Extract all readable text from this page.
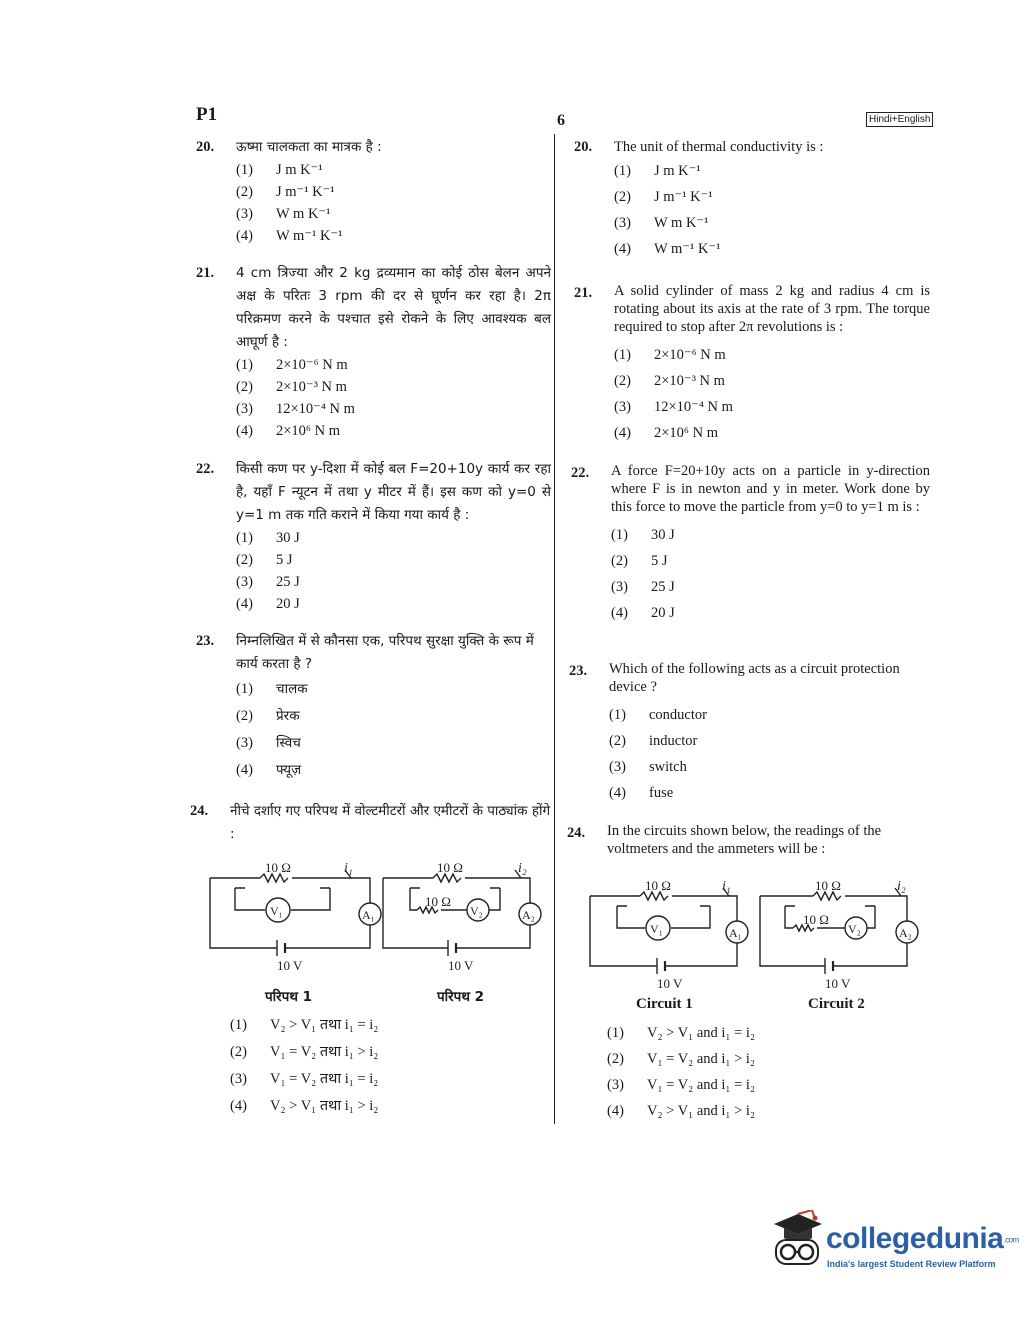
P1	6	Hindi+English
20. ऊष्मा चालकता का मात्रक है :
(1)	J m K⁻¹
(2)	J m⁻¹ K⁻¹
(3)	W m K⁻¹
(4)	W m⁻¹ K⁻¹
21. 4 cm त्रिज्या और 2 kg द्रव्यमान का कोई ठोस बेलन अपने अक्ष के परितः 3 rpm की दर से घूर्णन कर रहा है। 2π परिक्रमण करने के पश्चात इसे रोकने के लिए आवश्यक बल आघूर्ण है :
(1)	2×10⁻⁶ N m
(2)	2×10⁻³ N m
(3)	12×10⁻⁴ N m
(4)	2×10⁶ N m
22. किसी कण पर y-दिशा में कोई बल F=20+10y कार्य कर रहा है, यहाँ F न्यूटन में तथा y मीटर में हैं। इस कण को y=0 से y=1 m तक गति कराने में किया गया कार्य है :
(1)	30 J
(2)	5 J
(3)	25 J
(4)	20 J
23. निम्नलिखित में से कौनसा एक, परिपथ सुरक्षा युक्ति के रूप में कार्य करता है ?
(1)	चालक
(2)	प्रेरक
(3)	स्विच
(4)	फ्यूज़
24. नीचे दर्शाए गए परिपथ में वोल्टमीटरों और एमीटरों के पाठ्यांक होंगे :
10 Ω	i₁
V₁	A₁
10 V
10 Ω	i₂
10 Ω
V₂	A₂
10 V
परिपथ 1	परिपथ 2
(1)	V₂ > V₁ तथा i₁ = i₂
(2)	V₁ = V₂ तथा i₁ > i₂
(3)	V₁ = V₂ तथा i₁ = i₂
(4)	V₂ > V₁ तथा i₁ > i₂
20. The unit of thermal conductivity is :
(1)	J m K⁻¹
(2)	J m⁻¹ K⁻¹
(3)	W m K⁻¹
(4)	W m⁻¹ K⁻¹
21. A solid cylinder of mass 2 kg and radius 4 cm is rotating about its axis at the rate of 3 rpm. The torque required to stop after 2π revolutions is :
(1)	2×10⁻⁶ N m
(2)	2×10⁻³ N m
(3)	12×10⁻⁴ N m
(4)	2×10⁶ N m
22. A force F=20+10y acts on a particle in y-direction where F is in newton and y in meter. Work done by this force to move the particle from y=0 to y=1 m is :
(1)	30 J
(2)	5 J
(3)	25 J
(4)	20 J
23. Which of the following acts as a circuit protection device ?
(1)	conductor
(2)	inductor
(3)	switch
(4)	fuse
24. In the circuits shown below, the readings of the voltmeters and the ammeters will be :
10 Ω	i₁
V₁	A₁
10 V
10 Ω	i₂
10 Ω
V₂	A₂
10 V
Circuit 1	Circuit 2
(1)	V₂ > V₁ and i₁ = i₂
(2)	V₁ = V₂ and i₁ > i₂
(3)	V₁ = V₂ and i₁ = i₂
(4)	V₂ > V₁ and i₁ > i₂
collegedunia.com
India's largest Student Review Platform
